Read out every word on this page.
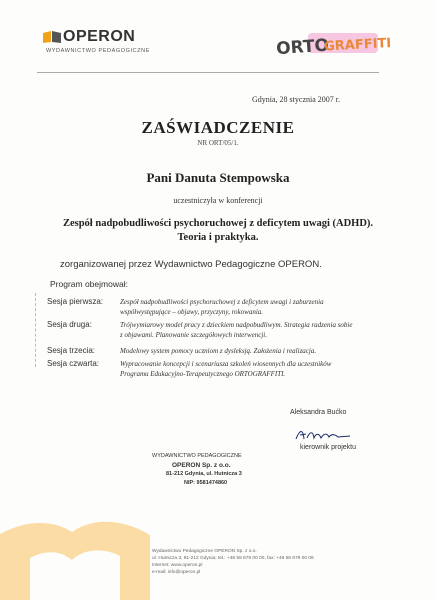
OPERON
WYDAWNICTWO PEDAGOGICZNE	ORTO
GRAFFITI
Gdynia, 28 stycznia 2007 r.
ZAŚWIADCZENIE
NR ORT/05/1.
Pani Danuta Stempowska
uczestniczyła w konferencji
Zespół nadpobudliwości psychoruchowej z deficytem uwagi (ADHD).
Teoria i praktyka.
zorganizowanej przez Wydawnictwo Pedagogiczne OPERON.
Program obejmował:
Sesja pierwsza: Zespół nadpobudliwości psychoruchowej z deficytem uwagi i zaburzenia
współwystępujące – objawy, przyczyny, rokowania.
Sesja druga:	Trójwymiarowy model pracy z dzieckiem nadpobudliwym. Strategia radzenia sobie
z objawami. Planowanie szczegółowych interwencji.
Sesja trzecia:	Modelowy system pomocy uczniom z dysleksją. Założenia i realizacja.
Sesja czwarta:	Wypracowanie koncepcji i scenariusza szkoleń wiosennych dla uczestników
Programu Edukacyjno-Terapeutycznego ORTOGRAFFITI.
Aleksandra Bućko
kierownik projektu
WYDAWNICTWO PEDAGOGICZNE
OPERON Sp. z o.o.
81-212 Gdynia, ul. Hutnicza 3
NIP: 9581474860
Wydawnictwo Pedagogiczne OPERON Sp. z o.o.
ul. Hutnicza 3, 81-212 Gdynia; tel.: +48 58 679 00 00, fax: +48 58 679 00 06
Internet: www.operon.pl
e-mail: info@operon.pl
